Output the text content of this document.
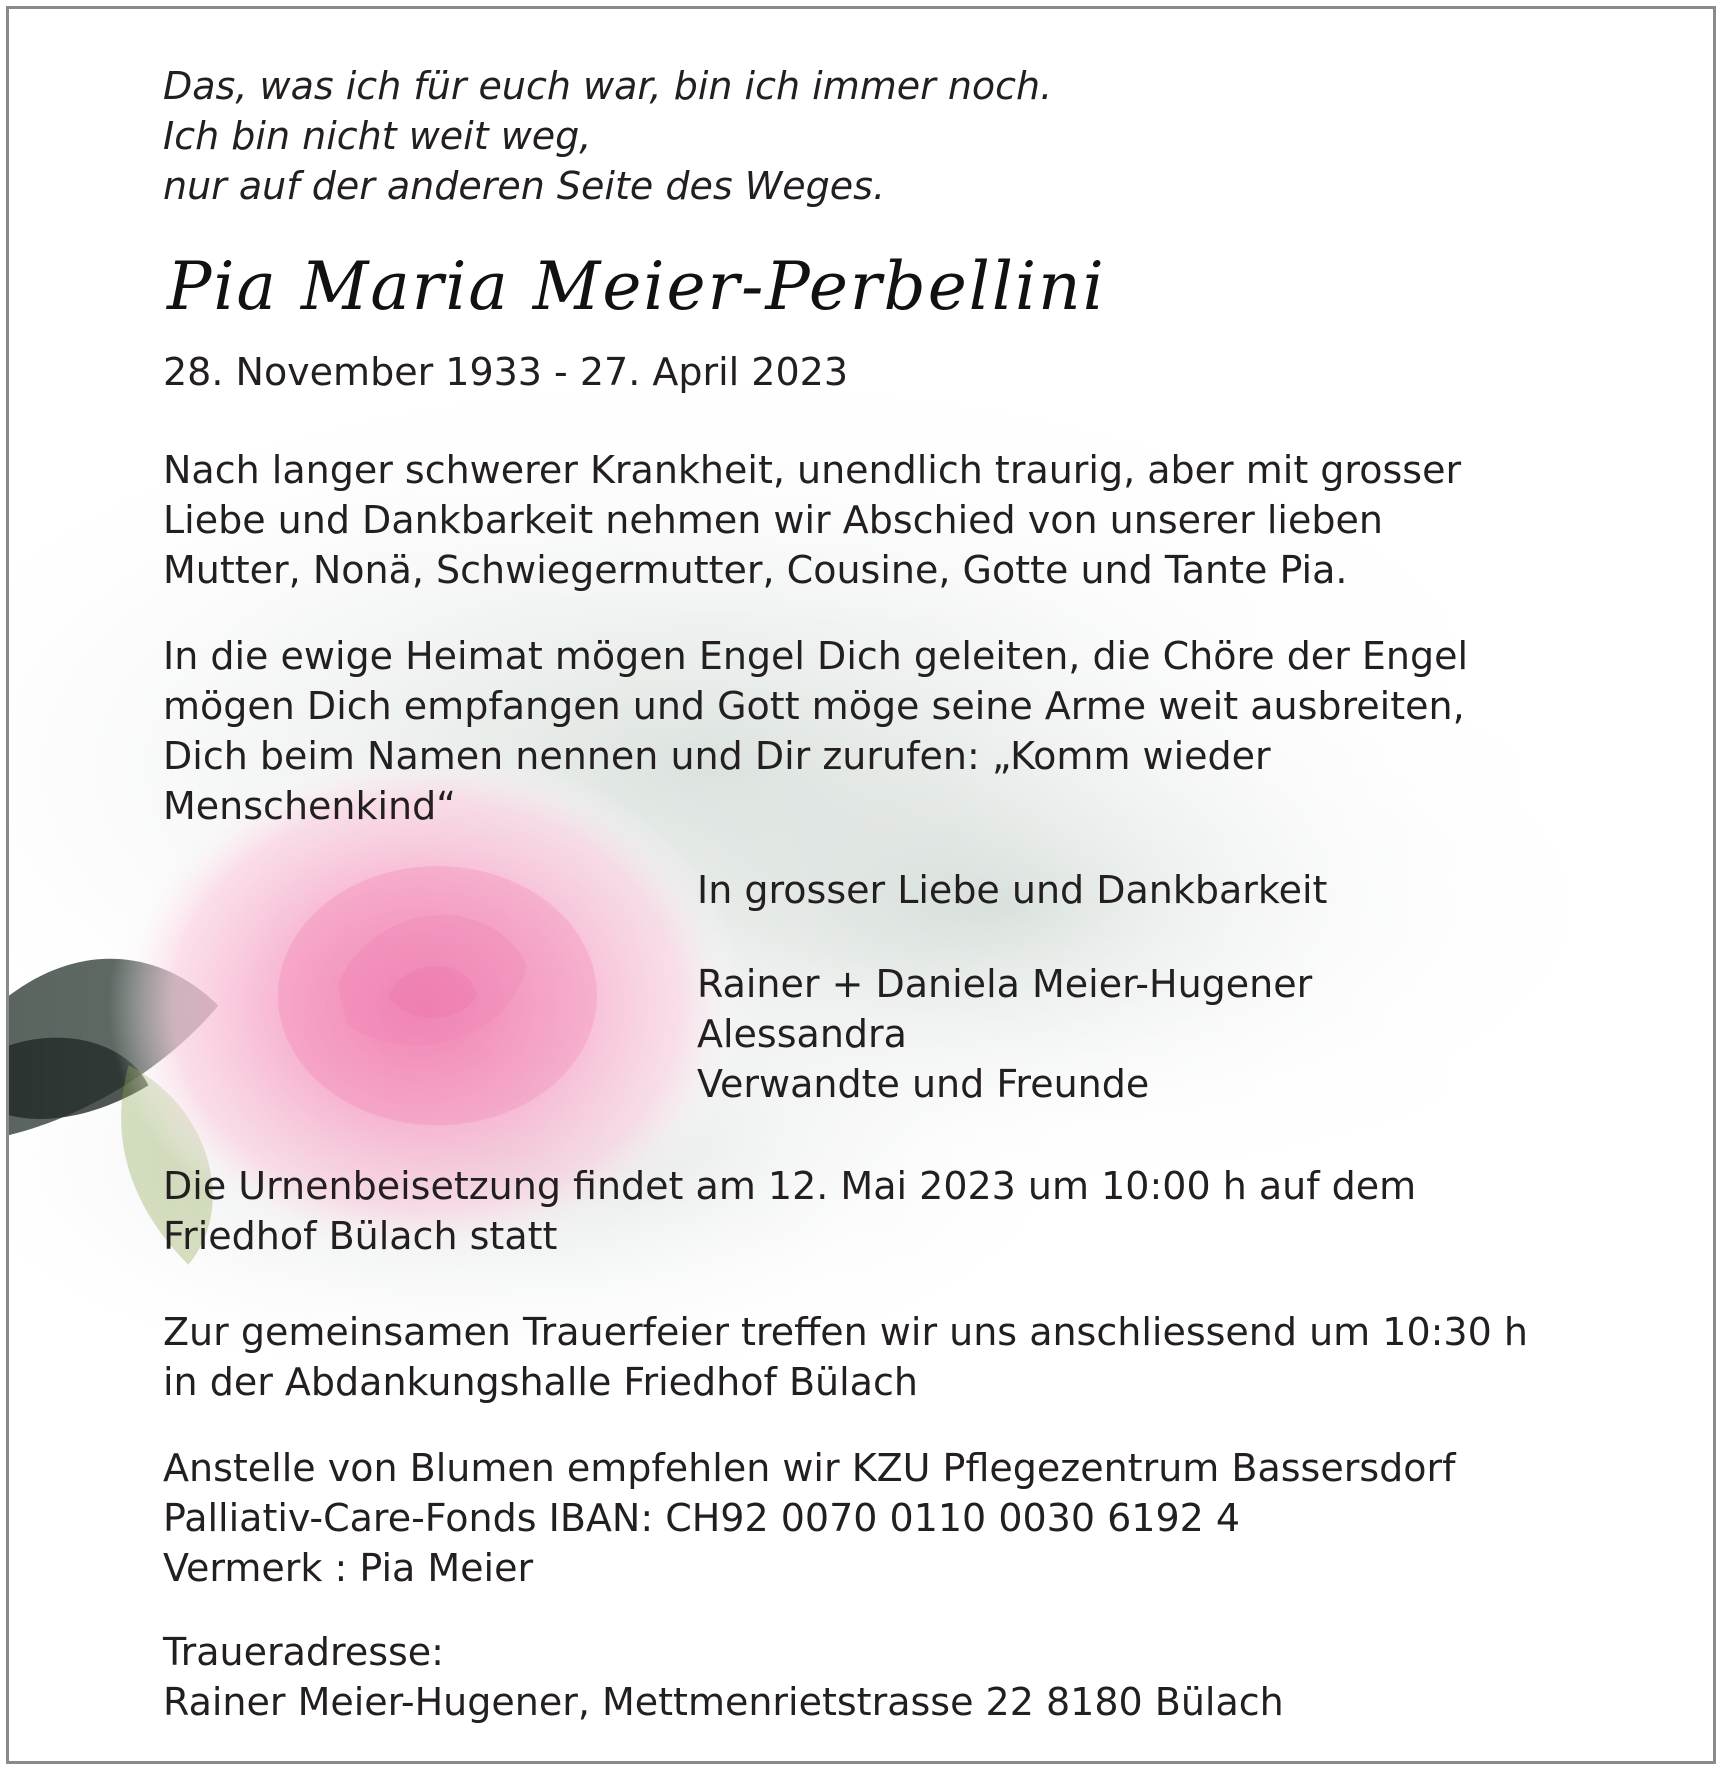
Das, was ich für euch war, bin ich immer noch.
Ich bin nicht weit weg,
nur auf der anderen Seite des Weges.
Pia Maria Meier-Perbellini
28. November 1933 - 27. April 2023
Nach langer schwerer Krankheit, unendlich traurig, aber mit grosser
Liebe und Dankbarkeit nehmen wir Abschied von unserer lieben
Mutter, Nonä, Schwiegermutter, Cousine, Gotte und Tante Pia.
In die ewige Heimat mögen Engel Dich geleiten, die Chöre der Engel
mögen Dich empfangen und Gott möge seine Arme weit ausbreiten,
Dich beim Namen nennen und Dir zurufen: „Komm wieder
Menschenkind“
In grosser Liebe und Dankbarkeit
Rainer + Daniela Meier-Hugener
Alessandra
Verwandte und Freunde
Die Urnenbeisetzung findet am 12. Mai 2023 um 10:00 h auf dem
Friedhof Bülach statt
Zur gemeinsamen Trauerfeier treffen wir uns anschliessend um 10:30 h
in der Abdankungshalle Friedhof Bülach
Anstelle von Blumen empfehlen wir KZU Pflegezentrum Bassersdorf
Palliativ-Care-Fonds IBAN: CH92 0070 0110 0030 6192 4
Vermerk : Pia Meier
Traueradresse:
Rainer Meier-Hugener, Mettmenrietstrasse 22 8180 Bülach
